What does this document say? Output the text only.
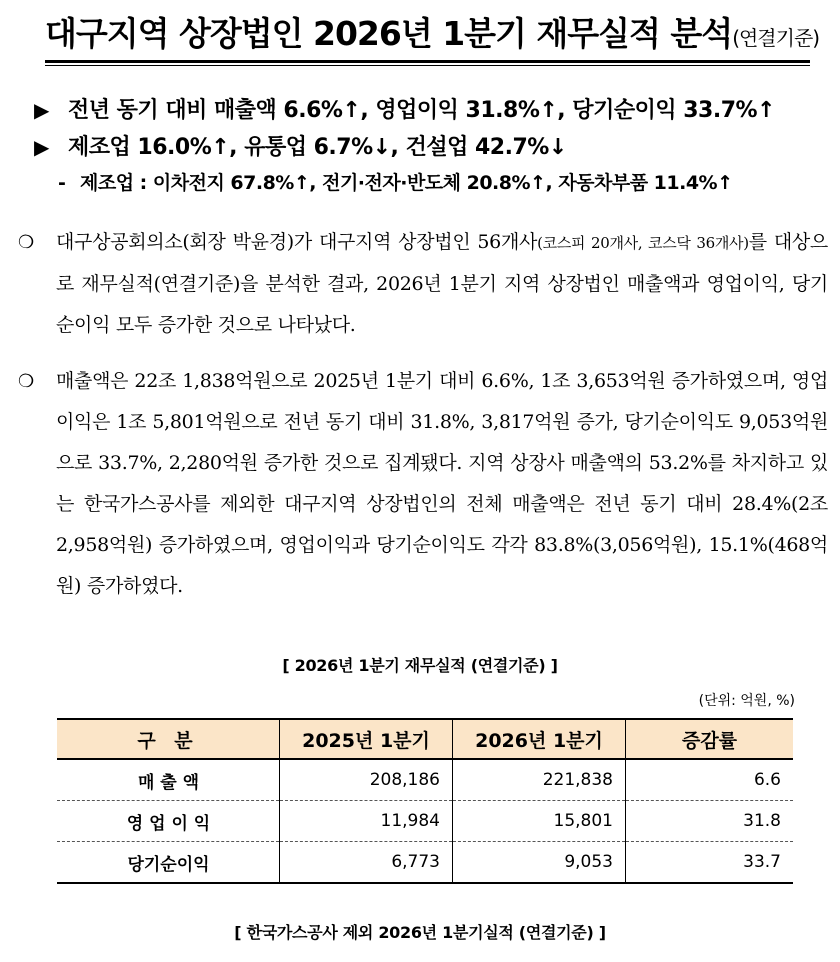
대구지역 상장법인 2026년 1분기 재무실적 분석(연결기준)
▶ 전년 동기 대비 매출액 6.6%↑, 영업이익 31.8%↑, 당기순이익 33.7%↑
▶ 제조업 16.0%↑, 유통업 6.7%↓, 건설업 42.7%↓
- 제조업 : 이차전지 67.8%↑, 전기·전자·반도체 20.8%↑, 자동차부품 11.4%↑
❍	대구상공회의소(회장 박윤경)가 대구지역 상장법인 56개사(코스피 20개사, 코스닥 36개사)를 대상으로 재무실적(연결기준)을 분석한 결과, 2026년 1분기 지역 상장법인 매출액과 영업이익, 당기순이익 모두 증가한 것으로 나타났다.
❍	매출액은 22조 1,838억원으로 2025년 1분기 대비 6.6%, 1조 3,653억원 증가하였으며, 영업이익은 1조 5,801억원으로 전년 동기 대비 31.8%, 3,817억원 증가, 당기순이익도 9,053억원으로 33.7%, 2,280억원 증가한 것으로 집계됐다. 지역 상장사 매출액의 53.2%를 차지하고 있는 한국가스공사를 제외한 대구지역 상장법인의 전체 매출액은 전년 동기 대비 28.4%(2조 2,958억원) 증가하였으며, 영업이익과 당기순이익도 각각 83.8%(3,056억원), 15.1%(468억원) 증가하였다.
[ 2026년 1분기 재무실적 (연결기준) ]
(단위: 억원, %)
구 분	2025년 1분기	2026년 1분기	증감률
매 출 액	208,186	221,838	6.6
영 업 이 익	11,984	15,801	31.8
당기순이익	6,773	9,053	33.7
[ 한국가스공사 제외 2026년 1분기실적 (연결기준) ]
